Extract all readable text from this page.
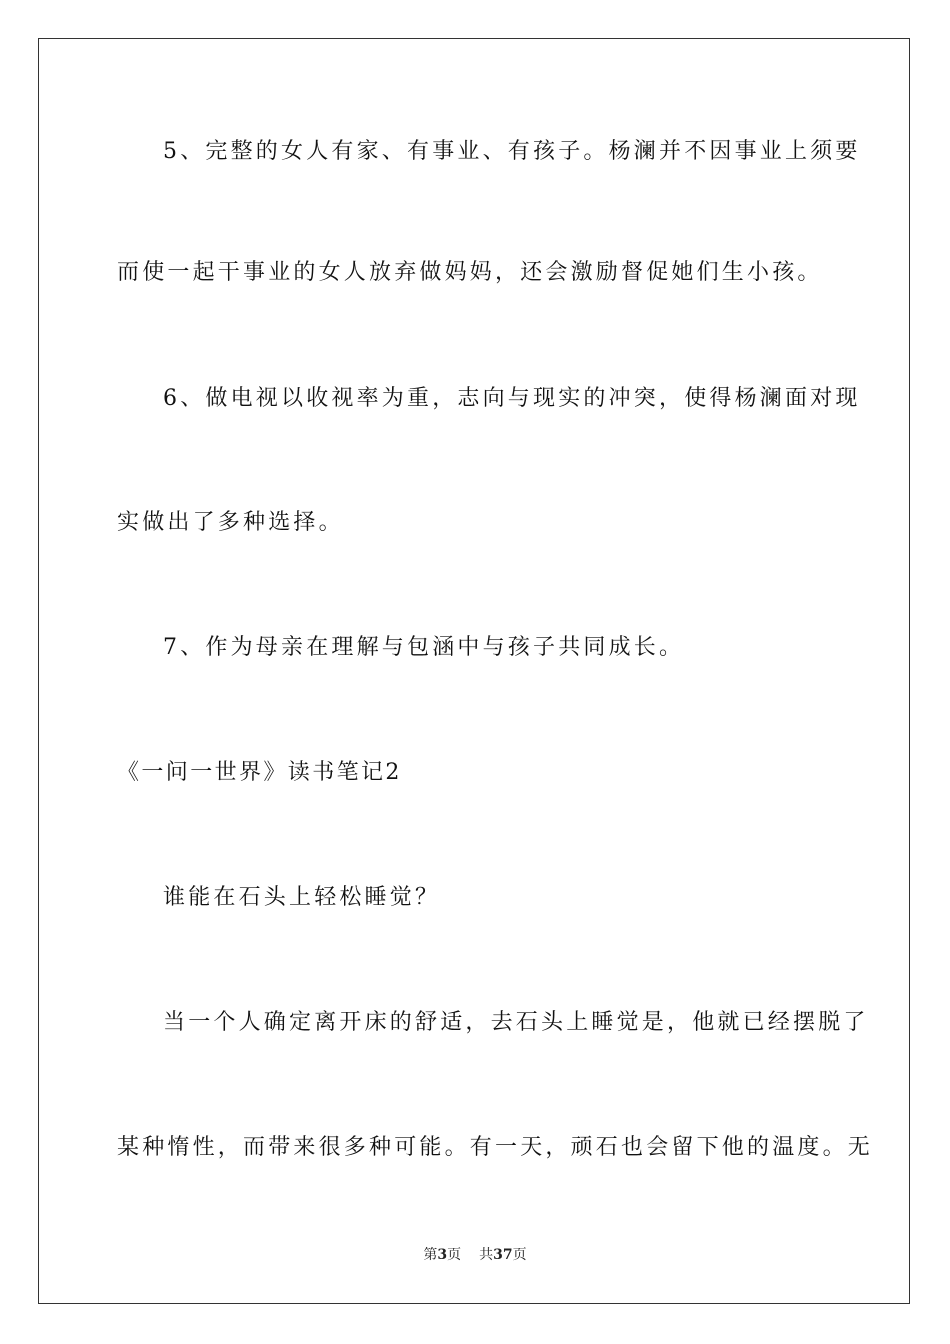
5、完整的女人有家、有事业、有孩子。杨澜并不因事业上须要
而使一起干事业的女人放弃做妈妈，还会激励督促她们生小孩。
6、做电视以收视率为重，志向与现实的冲突，使得杨澜面对现
实做出了多种选择。
7、作为母亲在理解与包涵中与孩子共同成长。
《一问一世界》读书笔记2
谁能在石头上轻松睡觉？
当一个人确定离开床的舒适，去石头上睡觉是，他就已经摆脱了
某种惰性，而带来很多种可能。有一天，顽石也会留下他的温度。无
第3页 共37页
